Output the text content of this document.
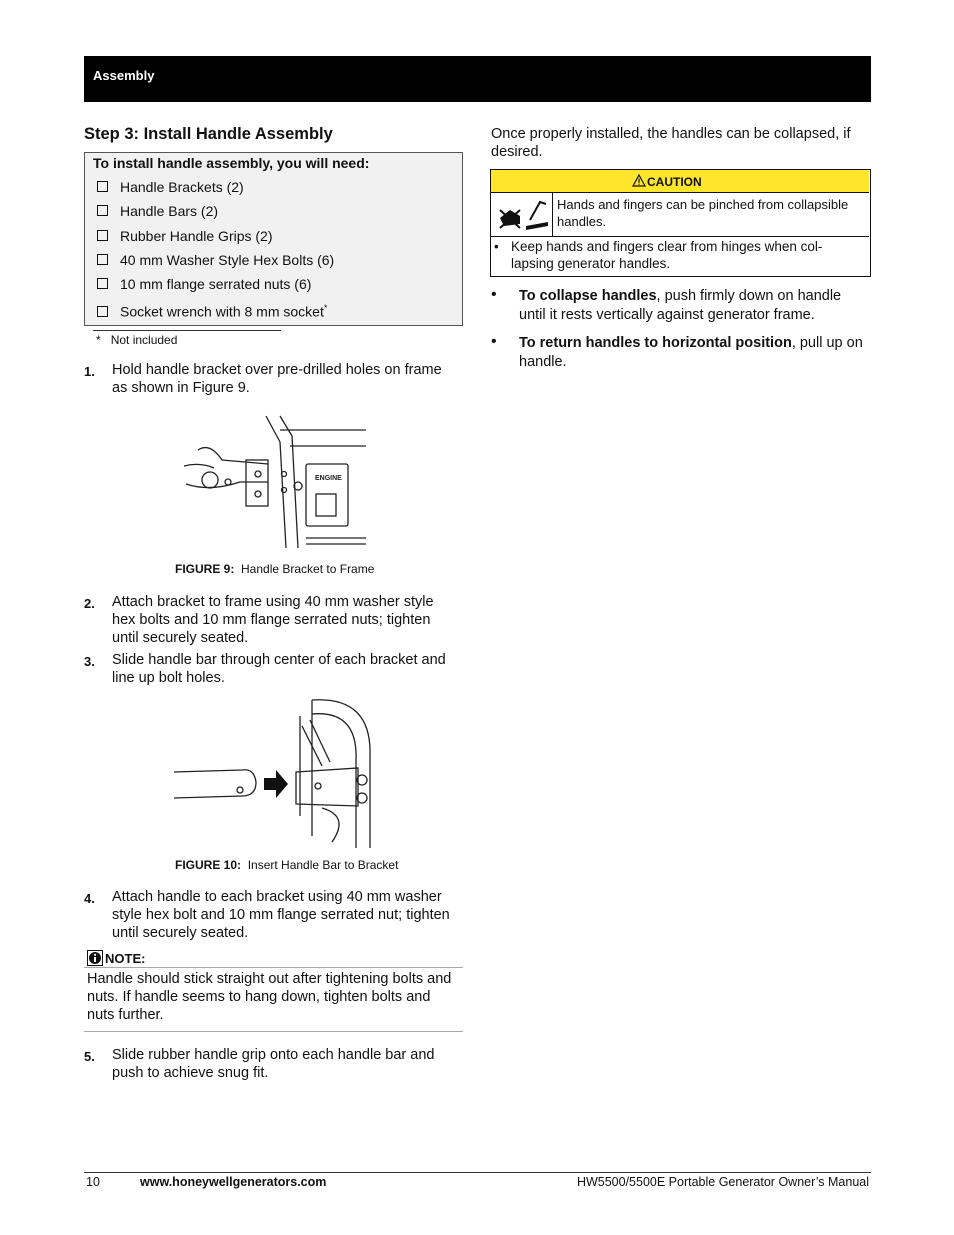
Assembly
Step 3: Install Handle Assembly
To install handle assembly, you will need:
Handle Brackets (2)
Handle Bars (2)
Rubber Handle Grips (2)
40 mm Washer Style Hex Bolts (6)
10 mm flange serrated nuts (6)
Socket wrench with 8 mm socket*
* Not included
1. Hold handle bracket over pre-drilled holes on frame
as shown in Figure 9.
ENGINE
FIGURE 9: Handle Bracket to Frame
2. Attach bracket to frame using 40 mm washer style
hex bolts and 10 mm flange serrated nuts; tighten
until securely seated.
3. Slide handle bar through center of each bracket and
line up bolt holes.
FIGURE 10: Insert Handle Bar to Bracket
4. Attach handle to each bracket using 40 mm washer
style hex bolt and 10 mm flange serrated nut; tighten
until securely seated.
NOTE:
Handle should stick straight out after tightening bolts and
nuts. If handle seems to hang down, tighten bolts and
nuts further.
5. Slide rubber handle grip onto each handle bar and
push to achieve snug fit.
Once properly installed, the handles can be collapsed, if
desired.
CAUTION
Hands and fingers can be pinched from collapsible
handles.
• Keep hands and fingers clear from hinges when col-
lapsing generator handles.
• To collapse handles, push firmly down on handle
until it rests vertically against generator frame.
• To return handles to horizontal position, pull up on
handle.
10	www.honeywellgenerators.com	HW5500/5500E Portable Generator Owner’s Manual
